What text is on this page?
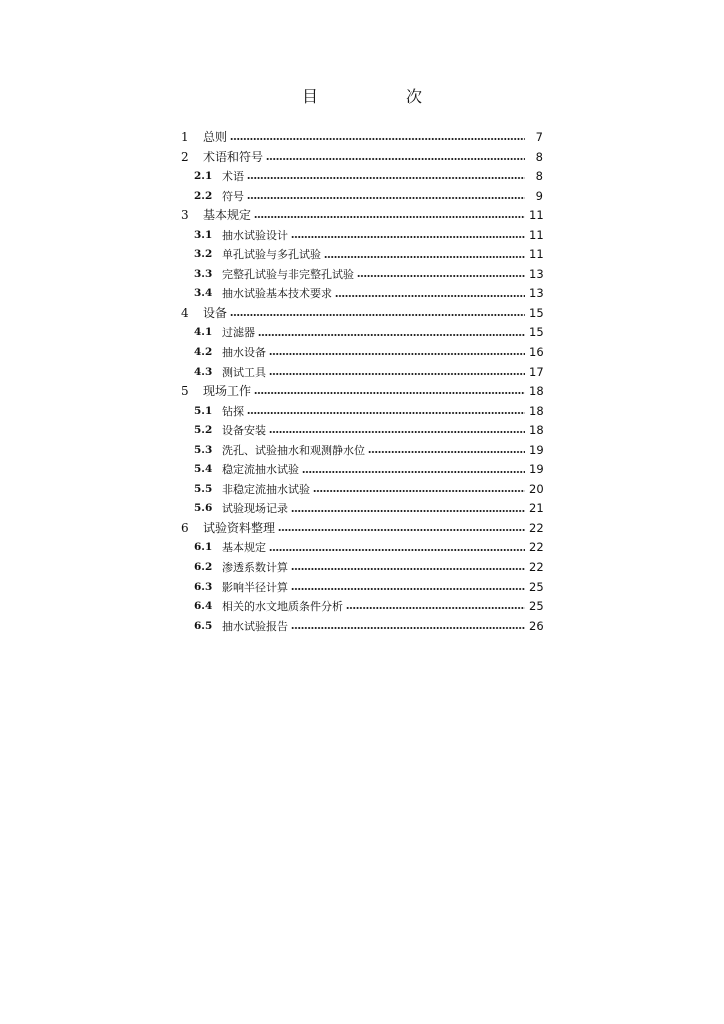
目　次
1	总则	7
2	术语和符号	8
2.1 术语	8
2.2 符号	9
3	基本规定	11
3.1 抽水试验设计	11
3.2 单孔试验与多孔试验	11
3.3 完整孔试验与非完整孔试验	13
3.4 抽水试验基本技术要求	13
4	设备	15
4.1 过滤器	15
4.2 抽水设备	16
4.3 测试工具	17
5	现场工作	18
5.1 钻探	18
5.2 设备安装	18
5.3 洗孔、试验抽水和观测静水位	19
5.4 稳定流抽水试验	19
5.5 非稳定流抽水试验	20
5.6 试验现场记录	21
6	试验资料整理	22
6.1 基本规定	22
6.2 渗透系数计算	22
6.3 影响半径计算	25
6.4 相关的水文地质条件分析	25
6.5 抽水试验报告	26
